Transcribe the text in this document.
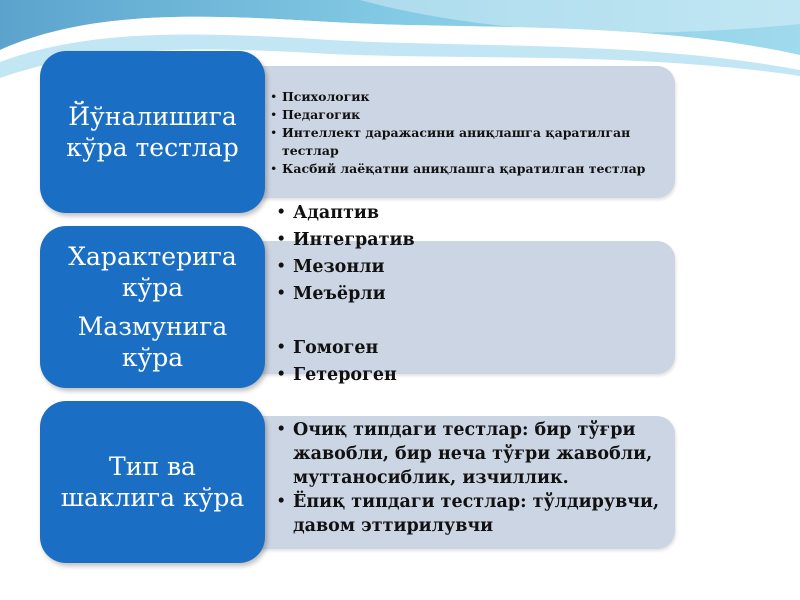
Йўналишига
кўра тестлар
• Психологик
• Педагогик
• Интеллект даражасини аниқлашга қаратилган тестлар
• Касбий лаёқатни аниқлашга қаратилган тестлар
Характерига
кўра
Мазмунига
кўра
• Адаптив
• Интегратив
• Мезонли
• Меъёрли
• Гомоген
• Гетероген
Тип ва
шаклига кўра
• Очиқ типдаги тестлар: бир тўғри жавобли, бир неча тўғри жавобли, муттаносиблик, изчиллик.
• Ёпиқ типдаги тестлар: тўлдирувчи, давом эттирилувчи
